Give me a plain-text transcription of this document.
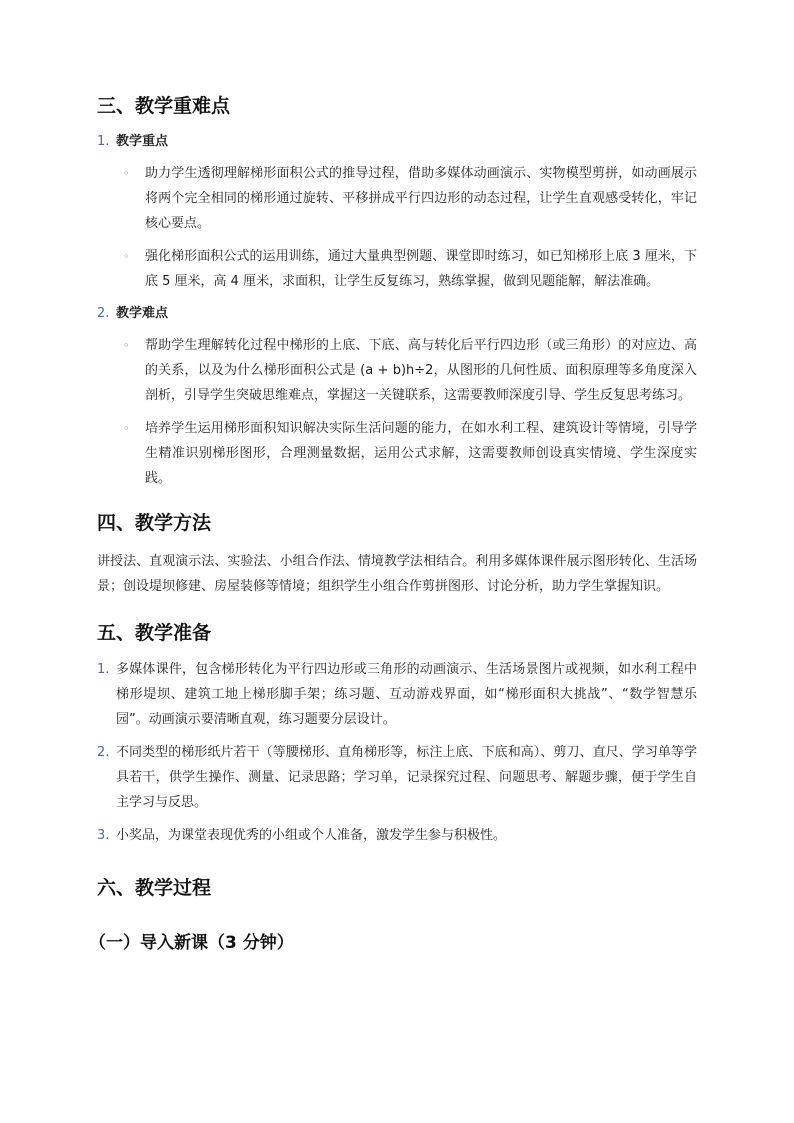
三、教学重难点
1. 教学重点
◦ 助力学生透彻理解梯形面积公式的推导过程，借助多媒体动画演示、实物模型剪拼，如动画展示将两个完全相同的梯形通过旋转、平移拼成平行四边形的动态过程，让学生直观感受转化，牢记核心要点。
◦ 强化梯形面积公式的运用训练，通过大量典型例题、课堂即时练习，如已知梯形上底 3 厘米，下底 5 厘米，高 4 厘米，求面积，让学生反复练习，熟练掌握，做到见题能解，解法准确。
2. 教学难点
◦ 帮助学生理解转化过程中梯形的上底、下底、高与转化后平行四边形（或三角形）的对应边、高的关系，以及为什么梯形面积公式是 (a + b)h÷2，从图形的几何性质、面积原理等多角度深入剖析，引导学生突破思维难点，掌握这一关键联系，这需要教师深度引导、学生反复思考练习。
◦ 培养学生运用梯形面积知识解决实际生活问题的能力，在如水利工程、建筑设计等情境，引导学生精准识别梯形图形，合理测量数据，运用公式求解，这需要教师创设真实情境、学生深度实践。
四、教学方法
讲授法、直观演示法、实验法、小组合作法、情境教学法相结合。利用多媒体课件展示图形转化、生活场景；创设堤坝修建、房屋装修等情境；组织学生小组合作剪拼图形、讨论分析，助力学生掌握知识。
五、教学准备
1. 多媒体课件，包含梯形转化为平行四边形或三角形的动画演示、生活场景图片或视频，如水利工程中梯形堤坝、建筑工地上梯形脚手架；练习题、互动游戏界面，如“梯形面积大挑战”、“数学智慧乐园”。动画演示要清晰直观，练习题要分层设计。
2. 不同类型的梯形纸片若干（等腰梯形、直角梯形等，标注上底、下底和高）、剪刀、直尺、学习单等学具若干，供学生操作、测量、记录思路；学习单，记录探究过程、问题思考、解题步骤，便于学生自主学习与反思。
3. 小奖品，为课堂表现优秀的小组或个人准备，激发学生参与积极性。
六、教学过程
（一）导入新课（3 分钟）
